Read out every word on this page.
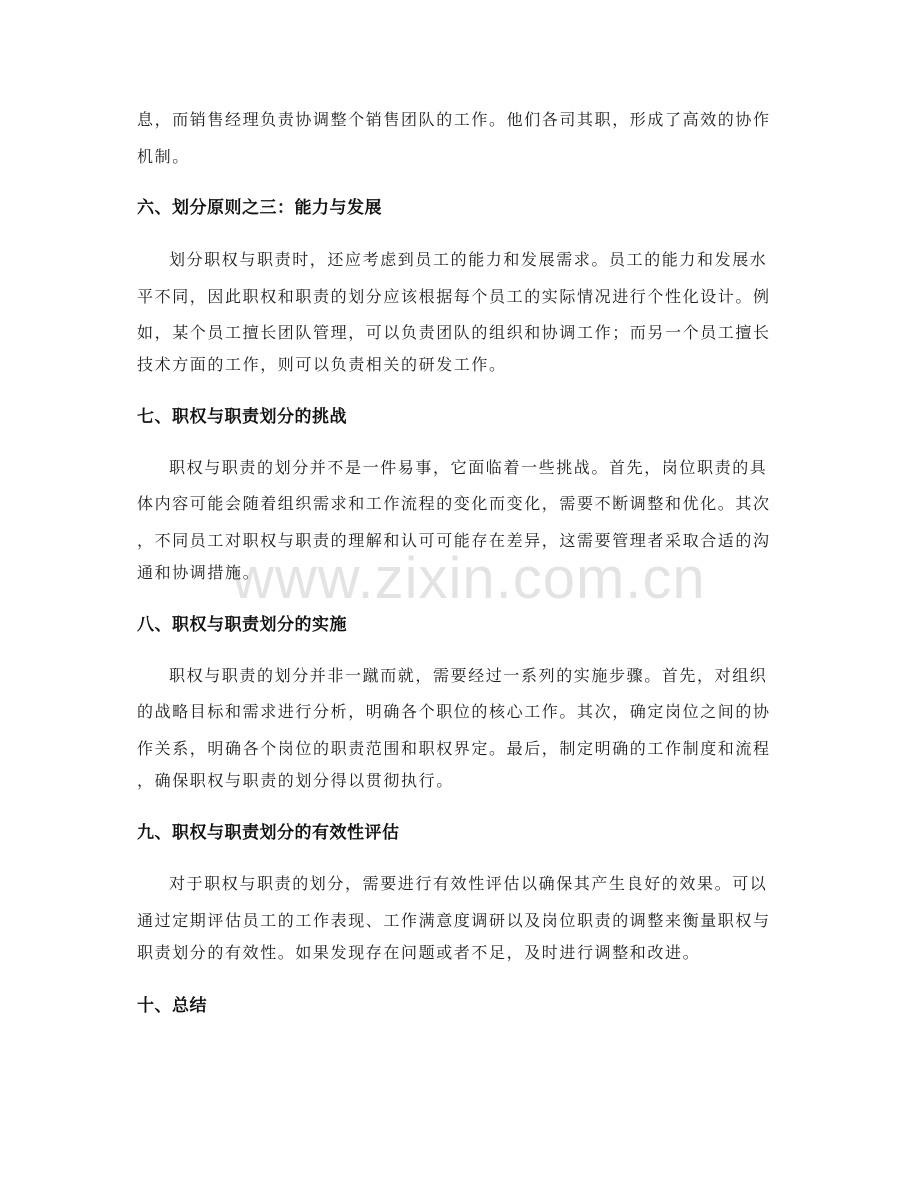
息，而销售经理负责协调整个销售团队的工作。他们各司其职，形成了高效的协作
机制。
六、划分原则之三：能力与发展
划分职权与职责时，还应考虑到员工的能力和发展需求。员工的能力和发展水
平不同，因此职权和职责的划分应该根据每个员工的实际情况进行个性化设计。例
如，某个员工擅长团队管理，可以负责团队的组织和协调工作；而另一个员工擅长
技术方面的工作，则可以负责相关的研发工作。
七、职权与职责划分的挑战
职权与职责的划分并不是一件易事，它面临着一些挑战。首先，岗位职责的具
体内容可能会随着组织需求和工作流程的变化而变化，需要不断调整和优化。其次
，不同员工对职权与职责的理解和认可可能存在差异，这需要管理者采取合适的沟
通和协调措施。
八、职权与职责划分的实施
职权与职责的划分并非一蹴而就，需要经过一系列的实施步骤。首先，对组织
的战略目标和需求进行分析，明确各个职位的核心工作。其次，确定岗位之间的协
作关系，明确各个岗位的职责范围和职权界定。最后，制定明确的工作制度和流程
，确保职权与职责的划分得以贯彻执行。
九、职权与职责划分的有效性评估
对于职权与职责的划分，需要进行有效性评估以确保其产生良好的效果。可以
通过定期评估员工的工作表现、工作满意度调研以及岗位职责的调整来衡量职权与
职责划分的有效性。如果发现存在问题或者不足，及时进行调整和改进。
十、总结
www.zixin.com.cn
